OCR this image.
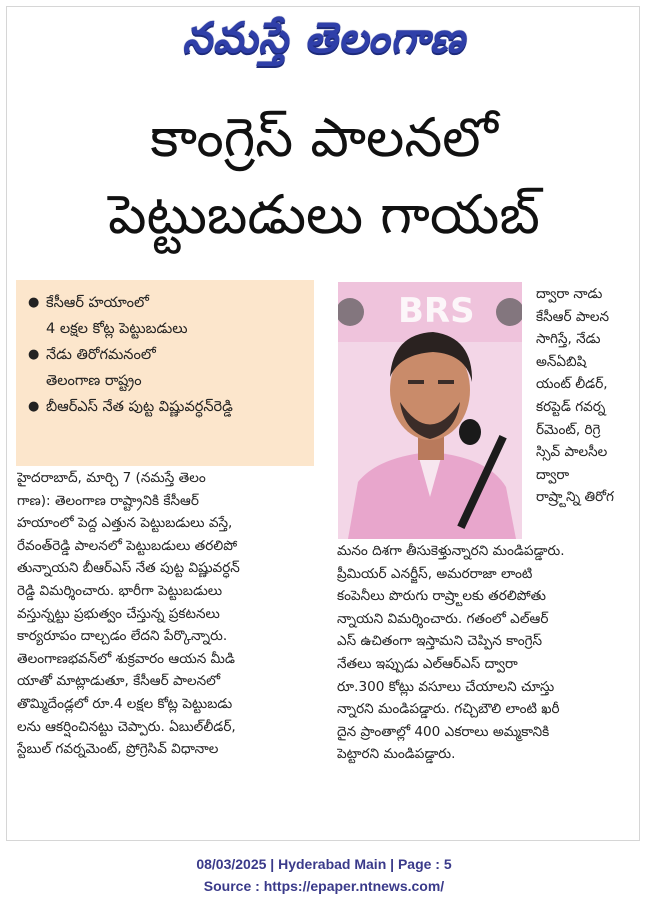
నమస్తే తెలంగాణ
కాంగ్రెస్ పాలనలో
పెట్టుబడులు గాయబ్
● కేసీఆర్ హయాంలో
4 లక్షల కోట్ల పెట్టుబడులు
● నేడు తిరోగమనంలో
తెలంగాణ రాష్ట్రం
● బీఆర్ఎస్ నేత పుట్ట విష్ణువర్ధన్‌రెడ్డి
BRS
హైదరాబాద్, మార్చి 7 (నమస్తే తెలం
గాణ): తెలంగాణ రాష్ట్రానికి కేసీఆర్
హయాంలో పెద్ద ఎత్తున పెట్టుబడులు వస్తే,
రేవంత్‌రెడ్డి పాలనలో పెట్టుబడులు తరలిపో
తున్నాయని బీఆర్ఎస్ నేత పుట్ట విష్ణువర్ధన్
రెడ్డి విమర్శించారు. భారీగా పెట్టుబడులు
వస్తున్నట్టు ప్రభుత్వం చేస్తున్న ప్రకటనలు
కార్యరూపం దాల్చడం లేదని పేర్కొన్నారు.
తెలంగాణభవన్‌లో శుక్రవారం ఆయన మీడి
యాతో మాట్లాడుతూ, కేసీఆర్ పాలనలో
తొమ్మిదేండ్లలో రూ.4 లక్షల కోట్ల పెట్టుబడు
లను ఆకర్షించినట్టు చెప్పారు. ఏబుల్‌లీడర్,
స్టేబుల్ గవర్నమెంట్, ప్రోగ్రెసివ్ విధానాల
ద్వారా నాడు
కేసీఆర్ పాలన
సాగిస్తే, నేడు
అన్‌ఏబిషి
యంట్ లీడర్,
కరప్టెడ్ గవర్న
ర్‌మెంట్, రిగ్రె
స్సివ్ పాలసీల
ద్వారా
రాష్ర్టాన్ని తిరోగ
మనం దిశగా తీసుకెళ్తున్నారని మండిపడ్డారు.
ప్రీమియర్ ఎనర్జీస్, అమరరాజా లాంటి
కంపెనీలు పొరుగు రాష్ర్టాలకు తరలిపోతు
న్నాయని విమర్శించారు. గతంలో ఎల్ఆర్
ఎస్ ఉచితంగా ఇస్తామని చెప్పిన కాంగ్రెస్
నేతలు ఇప్పుడు ఎల్ఆర్ఎస్ ద్వారా
రూ.300 కోట్లు వసూలు చేయాలని చూస్తు
న్నారని మండిపడ్డారు. గచ్చిబౌలి లాంటి ఖరీ
దైన ప్రాంతాల్లో 400 ఎకరాలు అమ్మకానికి
పెట్టారని మండిపడ్డారు.
08/03/2025 | Hyderabad Main | Page : 5
Source : https://epaper.ntnews.com/
